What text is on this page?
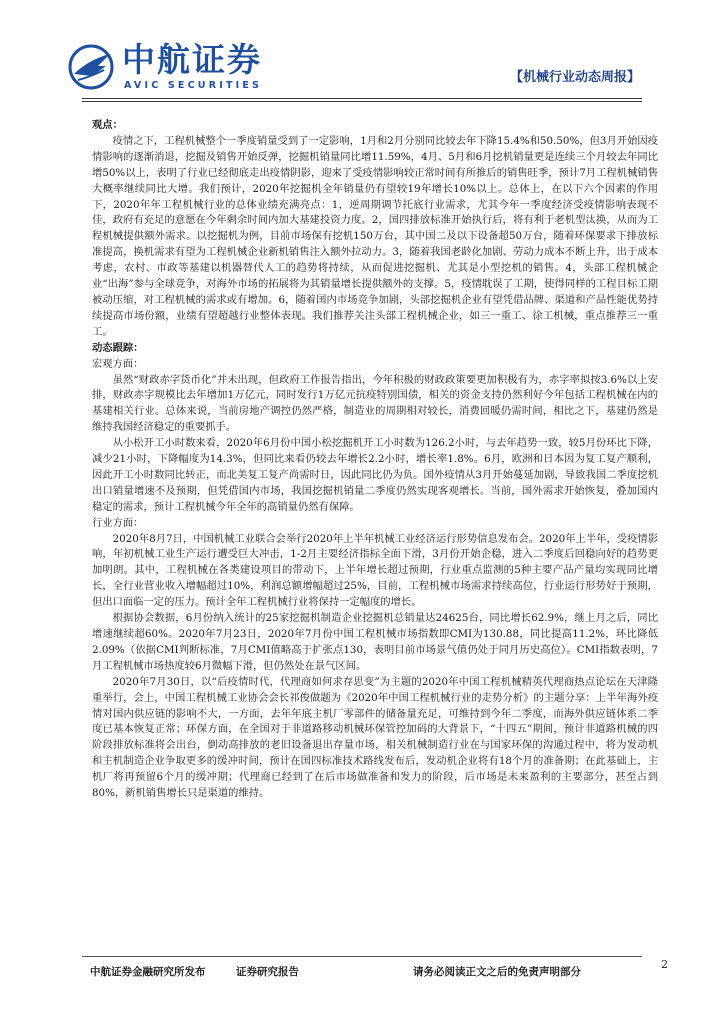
中航证券
AVIC SECURITIES
【机械行业动态周报】
观点：

疫情之下，工程机械整个一季度销量受到了一定影响，1月和2月分别同比较去年下降15.4%和50.50%，但3月开始因疫情影响的逐渐消退，挖掘及销售开始反弹，挖掘机销量同比增11.59%，4月、5月和6月挖机销量更是连续三个月较去年同比增50%以上，表明了行业已经彻底走出疫情阴影，迎来了受疫情影响较正常时间有所推后的销售旺季，预计7月工程机械销售大概率继续同比大增。我们预计，2020年挖掘机全年销量仍有望较19年增长10%以上。总体上，在以下六个因素的作用下，2020年年工程机械行业的总体业绩充满亮点：1，逆周期调节托底行业需求，尤其今年一季度经济受疫情影响表现不佳，政府有充足的意愿在今年剩余时间内加大基建投资力度。2，国四排放标准开始执行后，将有利于老机型汰换，从而为工程机械提供额外需求。以挖掘机为例，目前市场保有挖机150万台，其中国二及以下设备超50万台，随着环保要求下排放标准提高，换机需求有望为工程机械企业新机销售注入额外拉动力。3，随着我国老龄化加剧、劳动力成本不断上升，出于成本考虑，农村、市政等基建以机器替代人工的趋势将持续，从而促进挖掘机、尤其是小型挖机的销售。4，头部工程机械企业“出海”参与全球竞争，对海外市场的拓展将为其销量增长提供额外的支撑。5，疫情耽误了工期，使得同样的工程目标工期被动压缩，对工程机械的需求或有增加。6，随着国内市场竞争加剧，头部挖掘机企业有望凭借品牌、渠道和产品性能优势持续提高市场份额，业绩有望超越行业整体表现。我们推荐关注头部工程机械企业，如三一重工、徐工机械，重点推荐三一重工。

动态跟踪：

宏观方面：

虽然“财政赤字货币化”并未出现，但政府工作报告指出，今年积极的财政政策要更加积极有为，赤字率拟按3.6%以上安排，财政赤字规模比去年增加1万亿元，同时发行1万亿元抗疫特别国债，相关的资金支持仍然利好今年包括工程机械在内的基建相关行业。总体来说，当前房地产调控仍然严格，制造业的周期相对较长，消费回暖仍需时间，相比之下，基建仍然是维持我国经济稳定的重要抓手。

从小松开工小时数来看，2020年6月份中国小松挖掘机开工小时数为126.2小时，与去年趋势一致，较5月份环比下降，减少21小时，下降幅度为14.3%，但同比来看仍较去年增长2.2小时，增长率1.8%。6月，欧洲和日本因为复工复产顺利，因此开工小时数同比转正，而北美复工复产尚需时日，因此同比仍为负。国外疫情从3月开始蔓延加剧，导致我国二季度挖机出口销量增速不及预期，但凭借国内市场，我国挖掘机销量二季度仍然实现客观增长。当前，国外需求开始恢复，叠加国内稳定的需求，预计工程机械今年全年的高销量仍然有保障。

行业方面：

2020年8月7日，中国机械工业联合会举行2020年上半年机械工业经济运行形势信息发布会。2020年上半年，受疫情影响，年初机械工业生产运行遭受巨大冲击，1-2月主要经济指标全面下滑，3月份开始企稳，进入二季度后回稳向好的趋势更加明朗。其中，工程机械在各类建设项目的带动下，上半年增长超过预期，行业重点监测的5种主要产品产量均实现同比增长，全行业营业收入增幅超过10%，利润总额增幅超过25%，目前，工程机械市场需求持续高位，行业运行形势好于预期，但出口面临一定的压力。预计全年工程机械行业将保持一定幅度的增长。

根据协会数据，6月份纳入统计的25家挖掘机制造企业挖掘机总销量达24625台，同比增长62.9%，继上月之后，同比增速继续超60%。2020年7月23日，2020年7月份中国工程机械市场指数即CMI为130.88，同比提高11.2%，环比降低2.09%（依据CMI判断标准，7月CMI值略高于扩张点130，表明目前市场景气值仍处于同月历史高位）。CMI指数表明，7月工程机械市场热度较6月微幅下滑，但仍然处在景气区间。

2020年7月30日，以“后疫情时代，代理商如何求存思变”为主题的2020年中国工程机械精英代理商热点论坛在天津隆重举行，会上，中国工程机械工业协会会长祁俊做题为《2020年中国工程机械行业的走势分析》的主题分享：上半年海外疫情对国内供应链的影响不大，一方面，去年年底主机厂零部件的储备量充足，可维持到今年二季度，而海外供应链体系二季度已基本恢复正常；环保方面，在全国对于非道路移动机械环保管控加码的大背景下，“十四五”期间，预计非道路机械的四阶段排放标准将会出台，倒动高排放的老旧设备退出存量市场，相关机械制造行业在与国家环保的沟通过程中，将为发动机和主机制造企业争取更多的缓冲时间，预计在国四标准技术路线发布后，发动机企业将有18个月的准备期；在此基础上，主机厂将再预留6个月的缓冲期；代理商已经到了在后市场做准备和发力的阶段，后市场是未来盈利的主要部分，甚至占到80%，新机销售增长只是渠道的维持。

中航证券金融研究所发布	证券研究报告	请务必阅读正文之后的免责声明部分
2
